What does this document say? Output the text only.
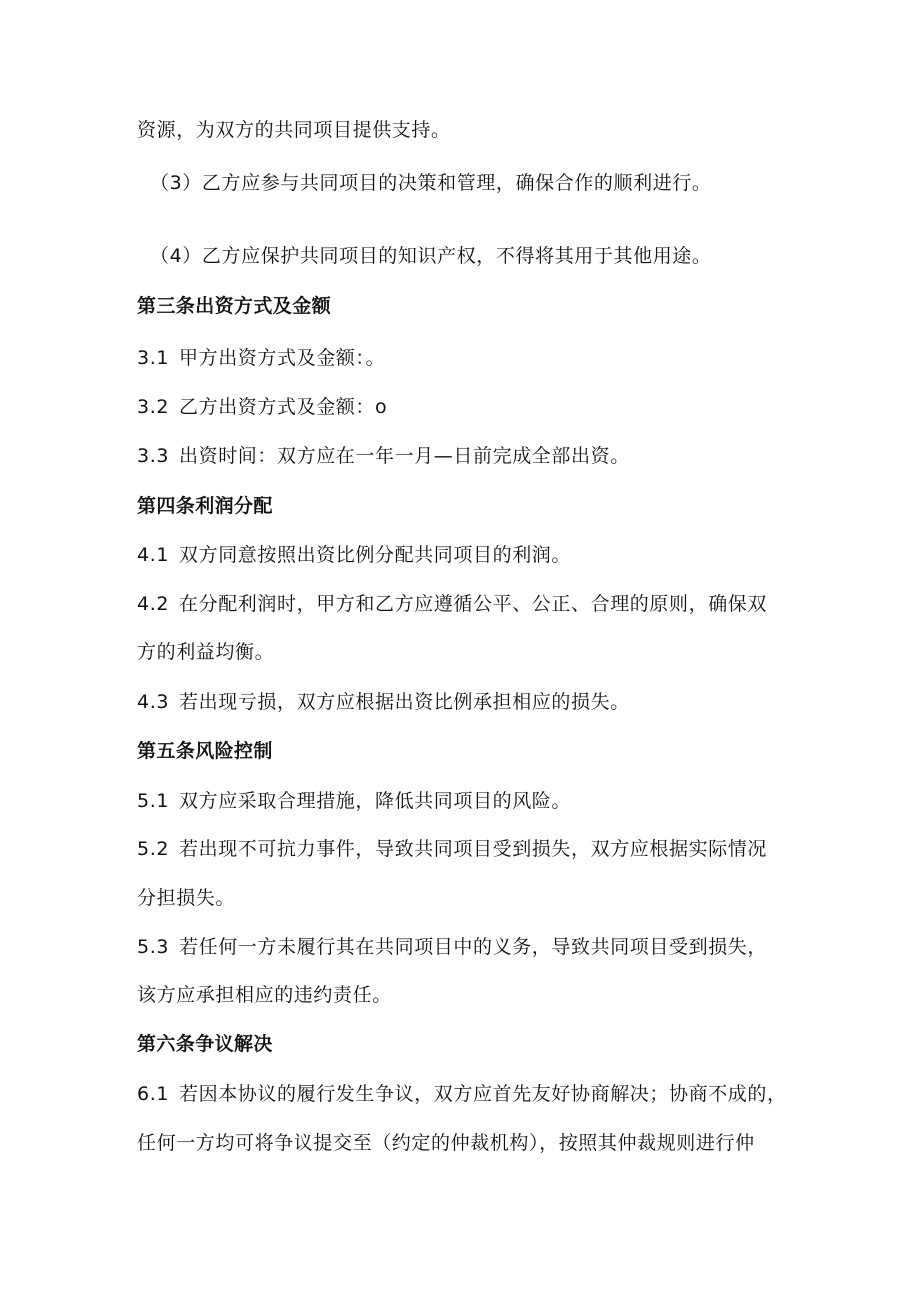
资源，为双方的共同项目提供支持。
（3）乙方应参与共同项目的决策和管理，确保合作的顺利进行。
（4）乙方应保护共同项目的知识产权，不得将其用于其他用途。
第三条出资方式及金额
3.1 甲方出资方式及金额：。
3.2 乙方出资方式及金额：o
3.3 出资时间：双方应在一年一月—日前完成全部出资。
第四条利润分配
4.1 双方同意按照出资比例分配共同项目的利润。
4.2 在分配利润时，甲方和乙方应遵循公平、公正、合理的原则，确保双
方的利益均衡。
4.3 若出现亏损，双方应根据出资比例承担相应的损失。
第五条风险控制
5.1 双方应采取合理措施，降低共同项目的风险。
5.2 若出现不可抗力事件，导致共同项目受到损失，双方应根据实际情况
分担损失。
5.3 若任何一方未履行其在共同项目中的义务，导致共同项目受到损失，
该方应承担相应的违约责任。
第六条争议解决
6.1 若因本协议的履行发生争议，双方应首先友好协商解决；协商不成的，
任何一方均可将争议提交至（约定的仲裁机构），按照其仲裁规则进行仲
